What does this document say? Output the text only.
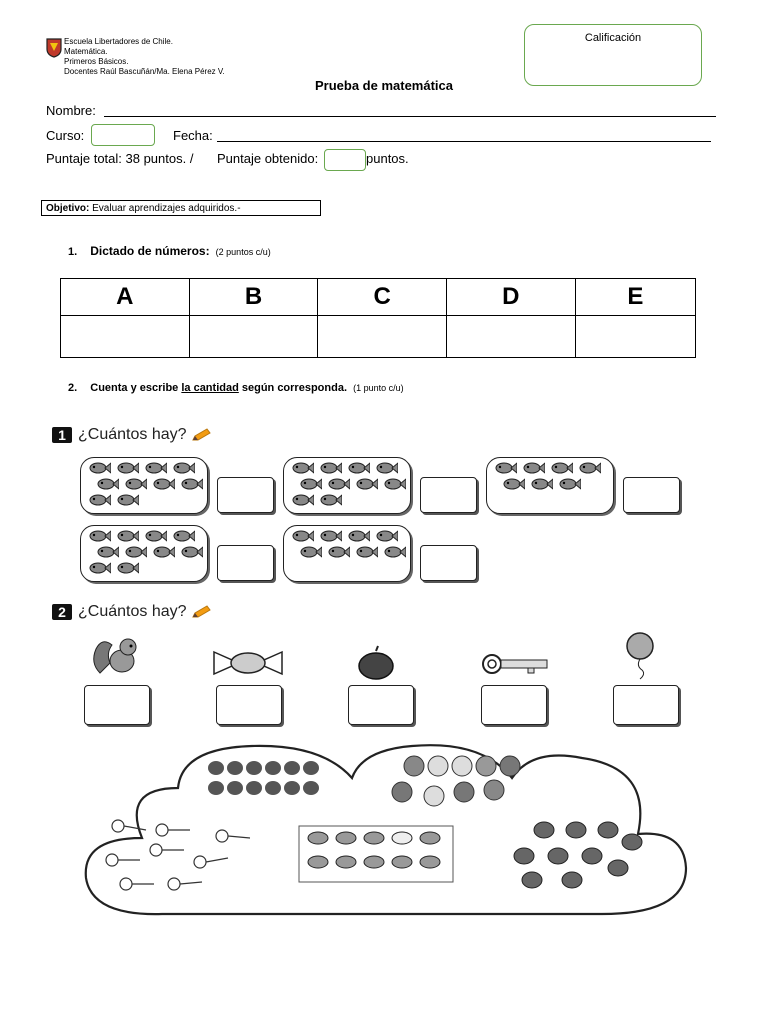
Escuela Libertadores de Chile.
Matemática.
Primeros Básicos.
Docentes Raúl Bascuñán/Ma. Elena Pérez V.
Calificación
Prueba de matemática
Nombre:
Curso:	Fecha:
Puntaje total: 38 puntos. / Puntaje obtenido:	puntos.
Objetivo: Evaluar aprendizajes adquiridos.-
1. Dictado de números: (2 puntos c/u)
A	B	C	D	E

2. Cuenta y escribe la cantidad según corresponda. (1 punto c/u)
1 ¿Cuántos hay?
2 ¿Cuántos hay?
